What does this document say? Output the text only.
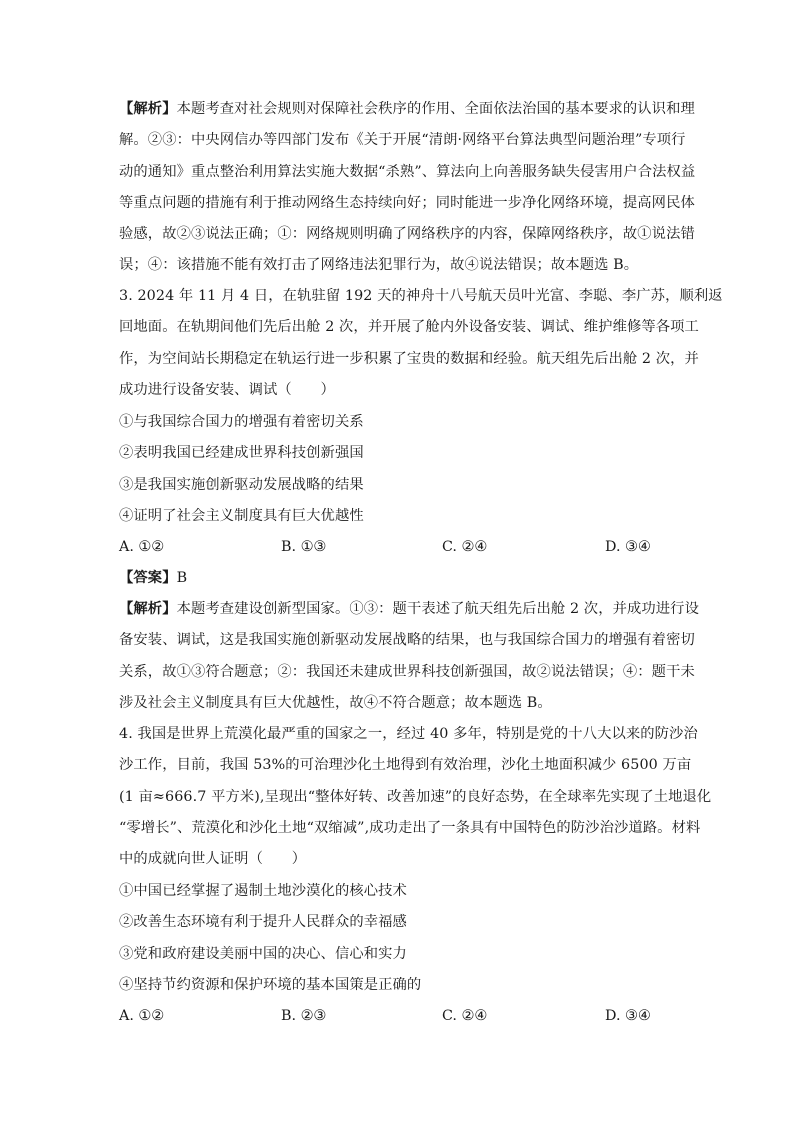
【解析】本题考查对社会规则对保障社会秩序的作用、全面依法治国的基本要求的认识和理
解。②③：中央网信办等四部门发布《关于开展“清朗·网络平台算法典型问题治理”专项行
动的通知》重点整治利用算法实施大数据“杀熟”、算法向上向善服务缺失侵害用户合法权益
等重点问题的措施有利于推动网络生态持续向好；同时能进一步净化网络环境，提高网民体
验感，故②③说法正确；①：网络规则明确了网络秩序的内容，保障网络秩序，故①说法错
误；④：该措施不能有效打击了网络违法犯罪行为，故④说法错误；故本题选 B。
3. 2024 年 11 月 4 日，在轨驻留 192 天的神舟十八号航天员叶光富、李聪、李广苏，顺利返
回地面。在轨期间他们先后出舱 2 次，并开展了舱内外设备安装、调试、维护维修等各项工
作，为空间站长期稳定在轨运行进一步积累了宝贵的数据和经验。航天组先后出舱 2 次，并
成功进行设备安装、调试（　　）
①与我国综合国力的增强有着密切关系
②表明我国已经建成世界科技创新强国
③是我国实施创新驱动发展战略的结果
④证明了社会主义制度具有巨大优越性
A. ①②	B. ①③	C. ②④	D. ③④
【答案】B
【解析】本题考查建设创新型国家。①③：题干表述了航天组先后出舱 2 次，并成功进行设
备安装、调试，这是我国实施创新驱动发展战略的结果，也与我国综合国力的增强有着密切
关系，故①③符合题意；②：我国还未建成世界科技创新强国，故②说法错误；④：题干未
涉及社会主义制度具有巨大优越性，故④不符合题意；故本题选 B。
4. 我国是世界上荒漠化最严重的国家之一，经过 40 多年，特别是党的十八大以来的防沙治
沙工作，目前，我国 53%的可治理沙化土地得到有效治理，沙化土地面积减少 6500 万亩
(1 亩≈666.7 平方米),呈现出“整体好转、改善加速”的良好态势，在全球率先实现了土地退化
“零增长”、荒漠化和沙化土地“双缩减”,成功走出了一条具有中国特色的防沙治沙道路。材料
中的成就向世人证明（　　）
①中国已经掌握了遏制土地沙漠化的核心技术
②改善生态环境有利于提升人民群众的幸福感
③党和政府建设美丽中国的决心、信心和实力
④坚持节约资源和保护环境的基本国策是正确的
A. ①②	B. ②③	C. ②④	D. ③④
